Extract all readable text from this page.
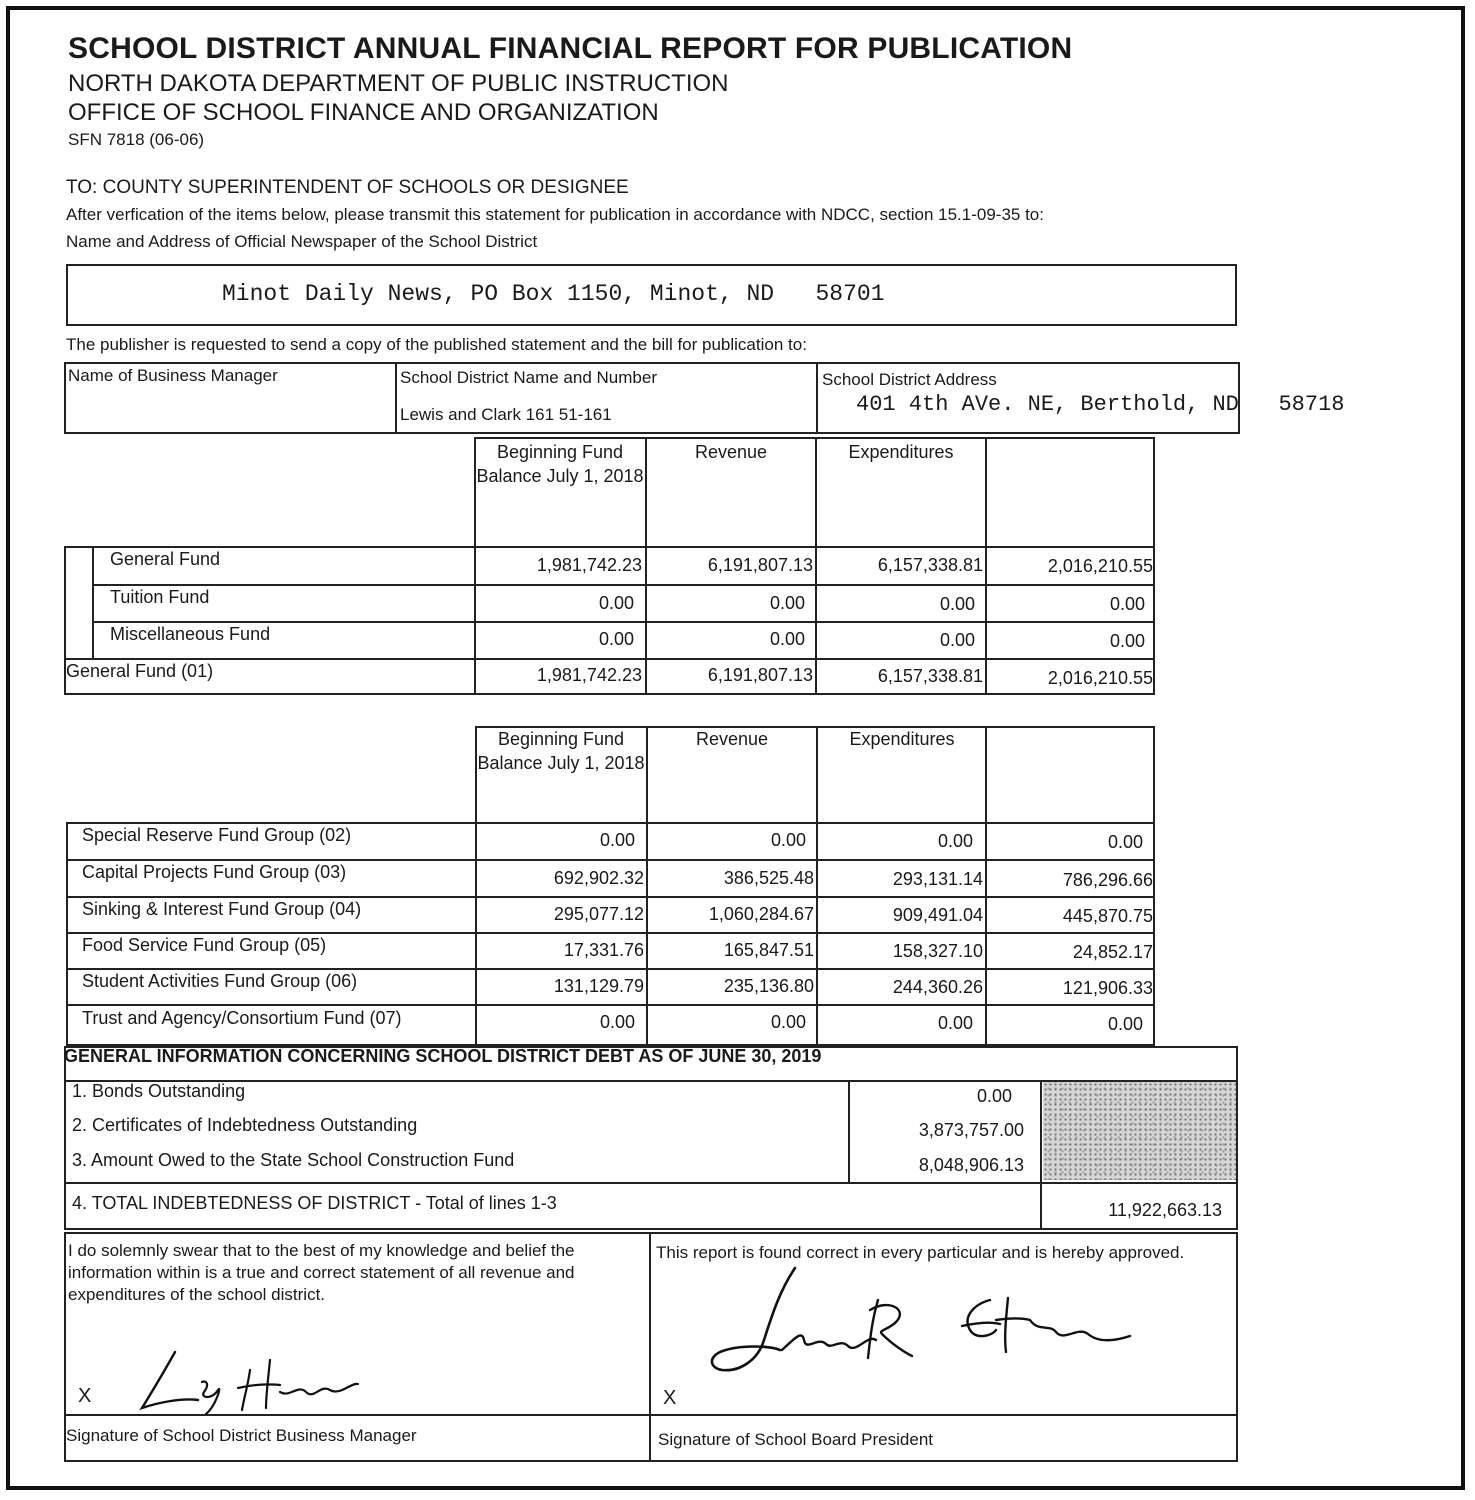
SCHOOL DISTRICT ANNUAL FINANCIAL REPORT FOR PUBLICATION
NORTH DAKOTA DEPARTMENT OF PUBLIC INSTRUCTION
OFFICE OF SCHOOL FINANCE AND ORGANIZATION
SFN 7818 (06-06)
TO: COUNTY SUPERINTENDENT OF SCHOOLS OR DESIGNEE
After verfication of the items below, please transmit this statement for publication in accordance with NDCC, section 15.1-09-35 to:
Name and Address of Official Newspaper of the School District
Minot Daily News, PO Box 1150, Minot, ND   58701
The publisher is requested to send a copy of the published statement and the bill for publication to:
Name of Business Manager	School District Name and Number
Lewis and Clark 161 51-161
School District Address
401 4th AVe. NE, Berthold, ND   58718
Beginning Fund Balance July 1, 2018
Revenue	Expenditures
General Fund	1,981,742.23	6,191,807.13	6,157,338.81	2,016,210.55
Tuition Fund	0.00	0.00	0.00	0.00
Miscellaneous Fund	0.00	0.00	0.00	0.00
General Fund (01)	1,981,742.23	6,191,807.13	6,157,338.81	2,016,210.55
Beginning Fund Balance July 1, 2018
Revenue	Expenditures
Special Reserve Fund Group (02)	0.00	0.00	0.00	0.00
Capital Projects Fund Group (03)	692,902.32	386,525.48	293,131.14	786,296.66
Sinking & Interest Fund Group (04)	295,077.12	1,060,284.67	909,491.04	445,870.75
Food Service Fund Group (05)	17,331.76	165,847.51	158,327.10	24,852.17
Student Activities Fund Group (06)	131,129.79	235,136.80	244,360.26	121,906.33
Trust and Agency/Consortium Fund (07)	0.00	0.00	0.00	0.00
GENERAL INFORMATION CONCERNING SCHOOL DISTRICT DEBT AS OF JUNE 30, 2019
1. Bonds Outstanding	0.00
2. Certificates of Indebtedness Outstanding	3,873,757.00
3. Amount Owed to the State School Construction Fund	8,048,906.13
4. TOTAL INDEBTEDNESS OF DISTRICT - Total of lines 1-3	11,922,663.13
I do solemnly swear that to the best of my knowledge and belief the information within is a true and correct statement of all revenue and expenditures of the school district.
This report is found correct in every particular and is hereby approved.
X	X
Signature of School District Business Manager	Signature of School Board President
